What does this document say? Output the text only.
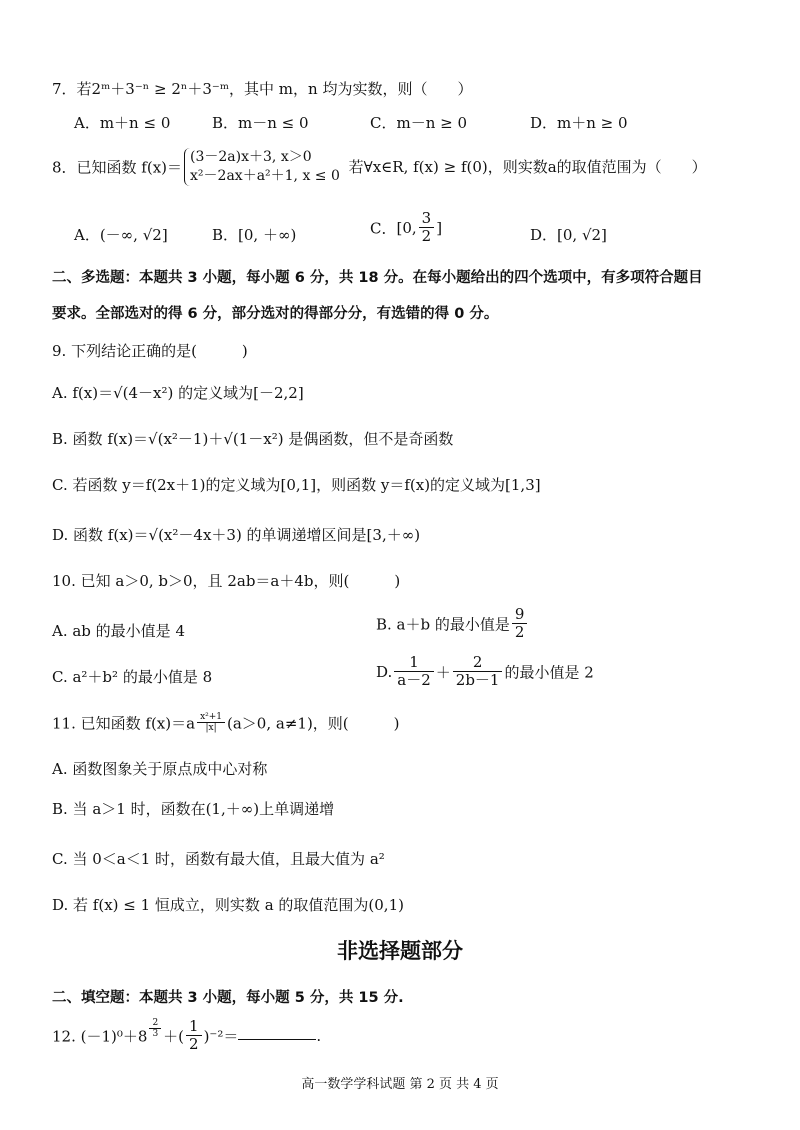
7．若2ᵐ＋3⁻ⁿ ≥ 2ⁿ＋3⁻ᵐ，其中 m，n 均为实数，则（　　）
A．m＋n ≤ 0	B．m－n ≤ 0	C．m－n ≥ 0	D．m＋n ≥ 0
8．已知函数 f(x)＝(3－2a)x＋3, x＞0
x²－2ax＋a²＋1, x ≤ 0 若∀x∈R, f(x) ≥ f(0)，则实数a的取值范围为（　　）
A．(－∞, √2]	B．[0, ＋∞)	C．[0, $\frac{3}{2}$ ]	D．[0, √2]
二、多选题：本题共 3 小题，每小题 6 分，共 18 分。在每小题给出的四个选项中，有多项符合题目
要求。全部选对的得 6 分，部分选对的得部分分，有选错的得 0 分。
9. 下列结论正确的是(　　　)
A. f(x)＝√(4－x²) 的定义域为[－2,2]
B. 函数 f(x)＝√(x²－1)＋√(1－x²) 是偶函数，但不是奇函数
C. 若函数 y＝f(2x＋1)的定义域为[0,1]，则函数 y＝f(x)的定义域为[1,3]
D. 函数 f(x)＝√(x²－4x＋3) 的单调递增区间是[3,＋∞)
10. 已知 a＞0, b＞0，且 2ab＝a＋4b，则(　　　)
A. ab 的最小值是 4	B. a＋b 的最小值是 $\frac{9}{2}$
C. a²＋b² 的最小值是 8	D. $\frac{1}{a-2} + \frac{2}{2b-1}$ 的最小值是 2
11. 已知函数 $f(x)=a \frac{\text{x²+1}}{|x|} (a>0$, a≠1)，则(　　　)
A. 函数图象关于原点成中心对称
B. 当 a＞1 时，函数在(1,＋∞)上单调递增
C. 当 0＜a＜1 时，函数有最大值，且最大值为 a²
D. 若 f(x) ≤ 1 恒成立，则实数 a 的取值范围为(0,1)
非选择题部分
二、填空题：本题共 3 小题，每小题 5 分，共 15 分.
12. $(-1)^0+8 \frac{2}{3}$ ＋( $\frac{1}{2} )^{-2}=$	.
高一数学学科试题 第 2 页 共 4 页
